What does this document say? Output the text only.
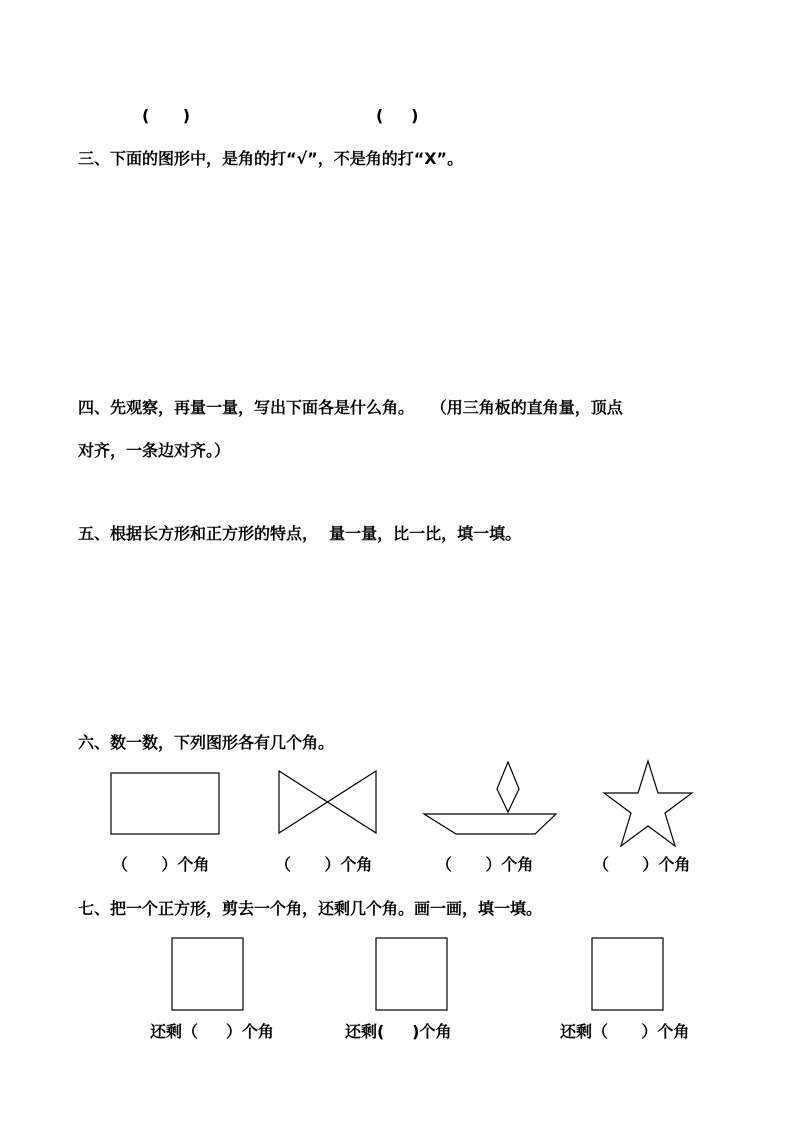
(      )	(     )
三、下面的图形中，是角的打“√”，不是角的打“X”。
四、先观察，再量一量，写出下面各是什么角。   （用三角板的直角量，顶点
对齐，一条边对齐。）
五、根据长方形和正方形的特点，  量一量，比一比，填一填。
六、数一数，下列图形各有几个角。
（      ）个角	（      ）个角	（      ）个角	（      ）个角
七、把一个正方形，剪去一个角，还剩几个角。画一画，填一填。
还剩（     ）个角	还剩(     )个角	还剩（      ）个角
